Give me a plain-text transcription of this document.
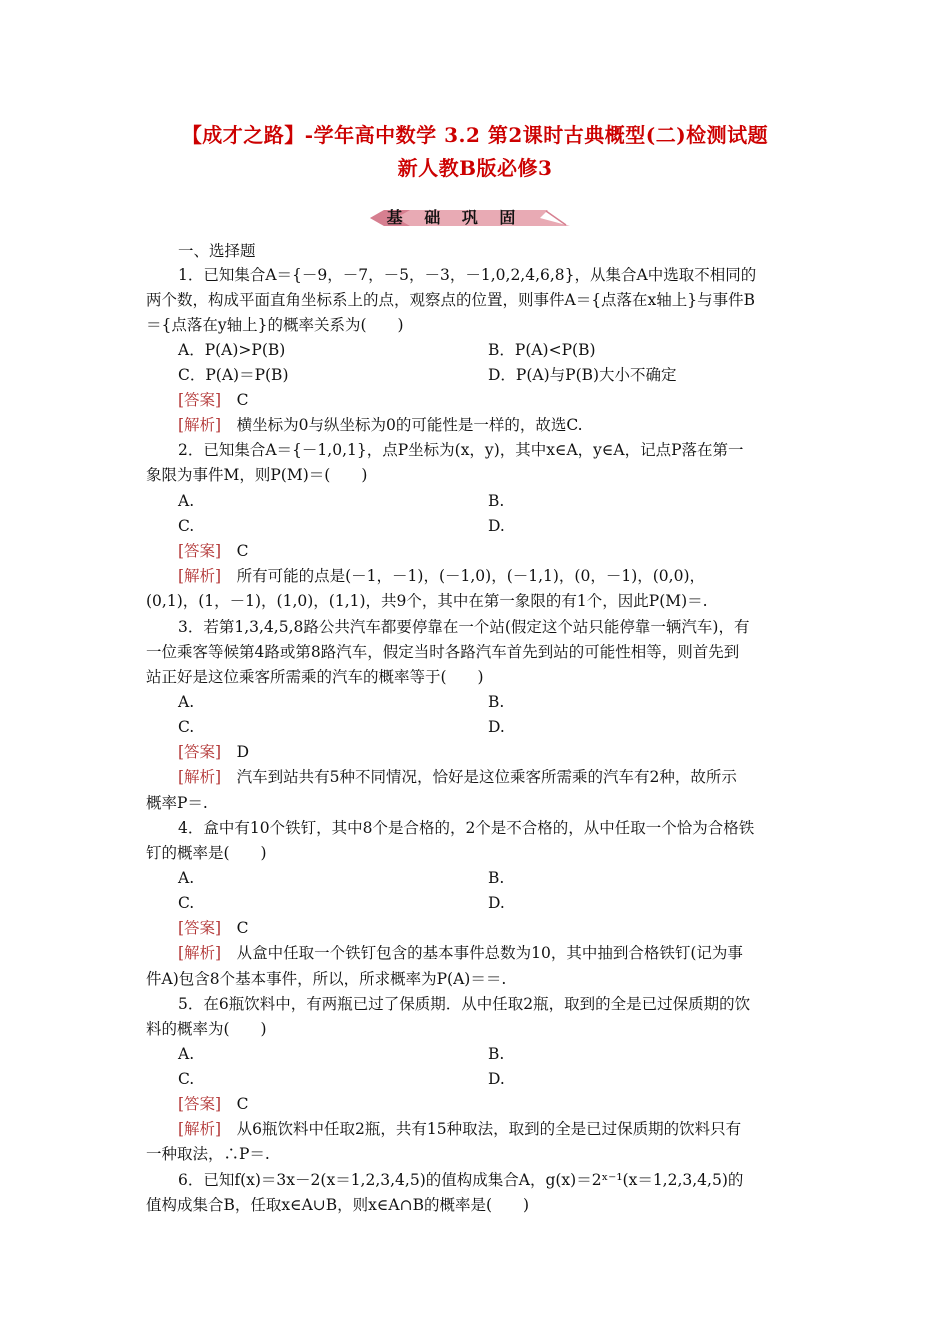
【成才之路】-学年高中数学 3.2 第2课时古典概型(二)检测试题
新人教B版必修3
基 础 巩 固
一、选择题
1．已知集合A＝{－9，－7，－5，－3，－1,0,2,4,6,8}，从集合A中选取不相同的
两个数，构成平面直角坐标系上的点，观察点的位置，则事件A＝{点落在x轴上}与事件B
＝{点落在y轴上}的概率关系为(　　)
A．P(A)>P(B)	B．P(A)<P(B)
C．P(A)＝P(B)	D．P(A)与P(B)大小不确定
[答案]　 C
[解析]　 横坐标为0与纵坐标为0的可能性是一样的，故选C.
2．已知集合A＝{－1,0,1}，点P坐标为(x，y)，其中x∈A，y∈A，记点P落在第一
象限为事件M，则P(M)＝(　　)
A.	B.
C.	D.
[答案]　 C
[解析]　 所有可能的点是(－1，－1)，(－1,0)，(－1,1)，(0，－1)，(0,0)，
(0,1)，(1，－1)，(1,0)，(1,1)，共9个，其中在第一象限的有1个，因此P(M)＝.
3．若第1,3,4,5,8路公共汽车都要停靠在一个站(假定这个站只能停靠一辆汽车)，有
一位乘客等候第4路或第8路汽车，假定当时各路汽车首先到站的可能性相等，则首先到
站正好是这位乘客所需乘的汽车的概率等于(　　)
A.	B.
C.	D.
[答案]　 D
[解析]　 汽车到站共有5种不同情况，恰好是这位乘客所需乘的汽车有2种，故所示
概率P＝.
4．盒中有10个铁钉，其中8个是合格的，2个是不合格的，从中任取一个恰为合格铁
钉的概率是(　　)
A.	B.
C.	D.
[答案]　 C
[解析]　 从盒中任取一个铁钉包含的基本事件总数为10，其中抽到合格铁钉(记为事
件A)包含8个基本事件，所以，所求概率为P(A)＝＝.
5．在6瓶饮料中，有两瓶已过了保质期．从中任取2瓶，取到的全是已过保质期的饮
料的概率为(　　)
A.	B.
C.	D.
[答案]　 C
[解析]　 从6瓶饮料中任取2瓶，共有15种取法，取到的全是已过保质期的饮料只有
一种取法，∴P＝.
6．已知f(x)＝3x－2(x＝1,2,3,4,5)的值构成集合A，g(x)＝2ˣ⁻¹(x＝1,2,3,4,5)的
值构成集合B，任取x∈A∪B，则x∈A∩B的概率是(　　)
